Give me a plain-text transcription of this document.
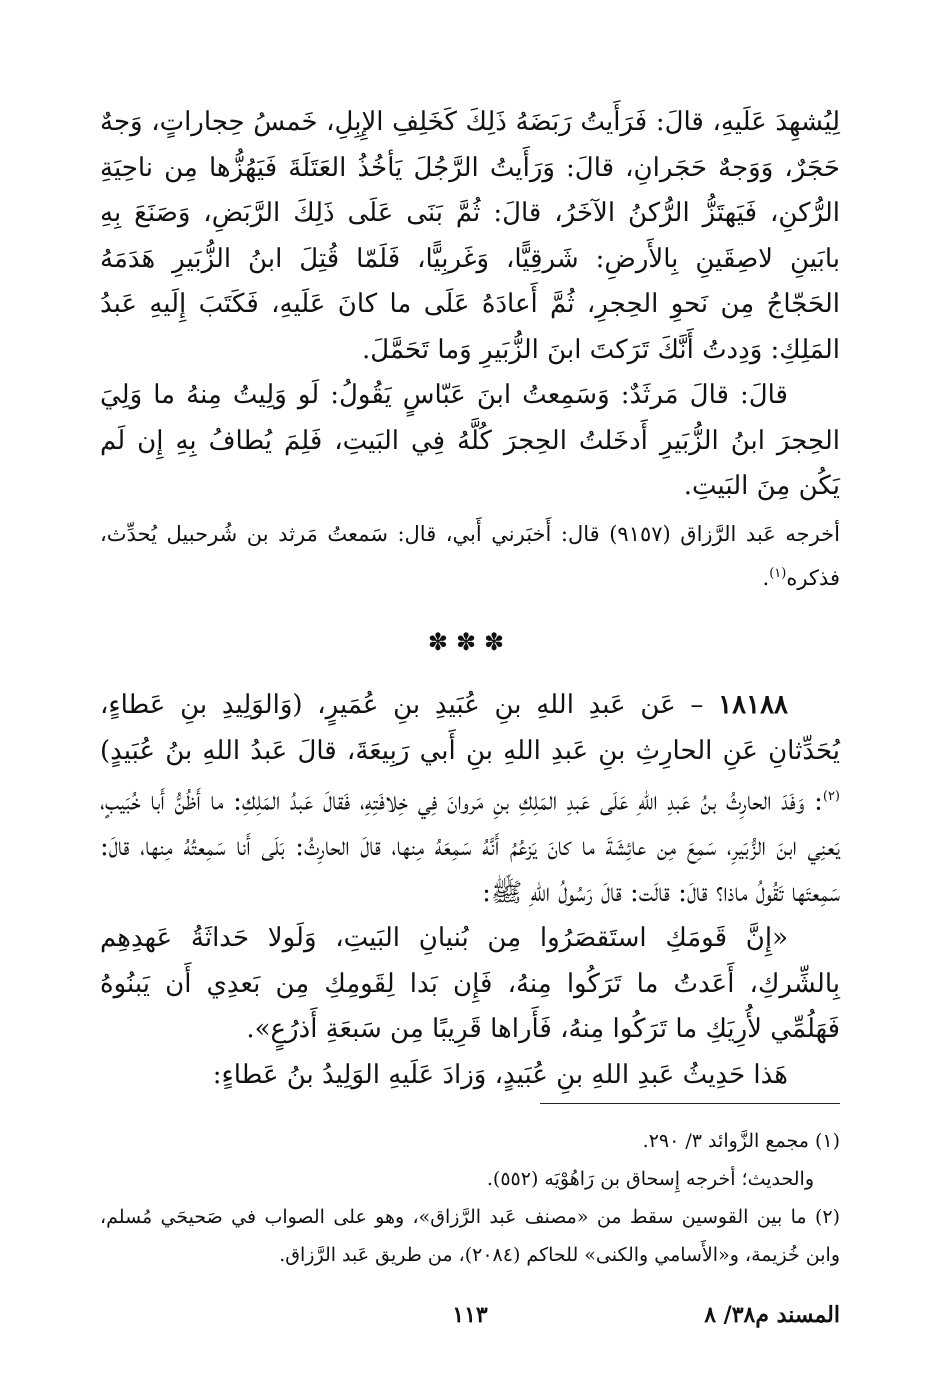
لِيُشهِدَ عَلَيهِ، قالَ: فَرَأَيتُ رَبَضَهُ ذَلِكَ كَخَلِفِ الإِبِلِ، خَمسُ حِجاراتٍ، وَجهٌ حَجَرٌ، وَوَجهٌ حَجَرانِ، قالَ: وَرَأَيتُ الرَّجُلَ يَأخُذُ العَتَلَةَ فَيَهُزُّها مِن ناحِيَةِ الرُّكنِ، فَيَهتَزُّ الرُّكنُ الآخَرُ، قالَ: ثُمَّ بَنَى عَلَى ذَلِكَ الرَّبَضِ، وَصَنَعَ بِهِ بابَينِ لاصِقَينِ بِالأَرضِ: شَرقِيًّا، وَغَربِيًّا، فَلَمّا قُتِلَ ابنُ الزُّبَيرِ هَدَمَهُ الحَجّاجُ مِن نَحوِ الحِجرِ، ثُمَّ أَعادَهُ عَلَى ما كانَ عَلَيهِ، فَكَتَبَ إِلَيهِ عَبدُ المَلِكِ: وَدِدتُ أَنَّكَ تَرَكتَ ابنَ الزُّبَيرِ وَما تَحَمَّلَ.

قالَ: قالَ مَرثَدٌ: وَسَمِعتُ ابنَ عَبّاسٍ يَقُولُ: لَو وَلِيتُ مِنهُ ما وَلِيَ الحِجرَ ابنُ الزُّبَيرِ أَدخَلتُ الحِجرَ كُلَّهُ فِي البَيتِ، فَلِمَ يُطافُ بِهِ إِن لَم يَكُن مِنَ البَيتِ.

أخرجه عَبد الرَّزاق (٩١٥٧) قال: أَخبَرني أَبي، قال: سَمعتُ مَرثد بن شُرحبيل يُحدِّث، فذكره$^{(١)}$.

✽✽✽

١٨١٨٨ – عَن عَبدِ اللهِ بنِ عُبَيدِ بنِ عُمَيرٍ، (وَالوَلِيدِ بنِ عَطاءٍ، يُحَدِّثانِ عَنِ الحارِثِ بنِ عَبدِ اللهِ بنِ أَبي رَبِيعَةَ، قالَ عَبدُ اللهِ بنُ عُبَيدٍ)$^{(٢)}$: وَفَدَ الحارِثُ بنُ عَبدِ اللهِ عَلَى عَبدِ المَلِكِ بنِ مَروانَ فِي خِلافَتِهِ، فَقالَ عَبدُ المَلِكِ: ما أَظُنُّ أَبا خُبَيبٍ، يَعنِي ابنَ الزُّبَيرِ، سَمِعَ مِن عائِشَةَ ما كانَ يَزعُمُ أَنَّهُ سَمِعَهُ مِنها، قالَ الحارِثُ: بَلَى أَنا سَمِعتُهُ مِنها، قالَ: سَمِعتَها تَقُولُ ماذا؟ قالَ: قالَت: قالَ رَسُولُ اللهِ ﷺ:

«إِنَّ قَومَكِ استَقصَرُوا مِن بُنيانِ البَيتِ، وَلَولا حَداثَةُ عَهدِهِم بِالشِّركِ، أَعَدتُ ما تَرَكُوا مِنهُ، فَإِن بَدا لِقَومِكِ مِن بَعدِي أَن يَبنُوهُ فَهَلُمِّي لأُرِيَكِ ما تَرَكُوا مِنهُ، فَأَراها قَرِيبًا مِن سَبعَةِ أَذرُعٍ».

هَذا حَدِيثُ عَبدِ اللهِ بنِ عُبَيدٍ، وَزادَ عَلَيهِ الوَلِيدُ بنُ عَطاءٍ:

(١) مجمع الزَّوائد ٣/ ٢٩٠.

والحديث؛ أخرجه إِسحاق بن رَاهُوْيَه (٥٥٢).

(٢) ما بين القوسين سقط من «مصنف عَبد الرَّزاق»، وهو على الصواب في صَحيحَي مُسلم، وابن خُزيمة، و«الأَسامي والكنى» للحاكم (٢٠٨٤)، من طريق عَبد الرَّزاق.

المسند م٣٨/ ٨
١١٣
